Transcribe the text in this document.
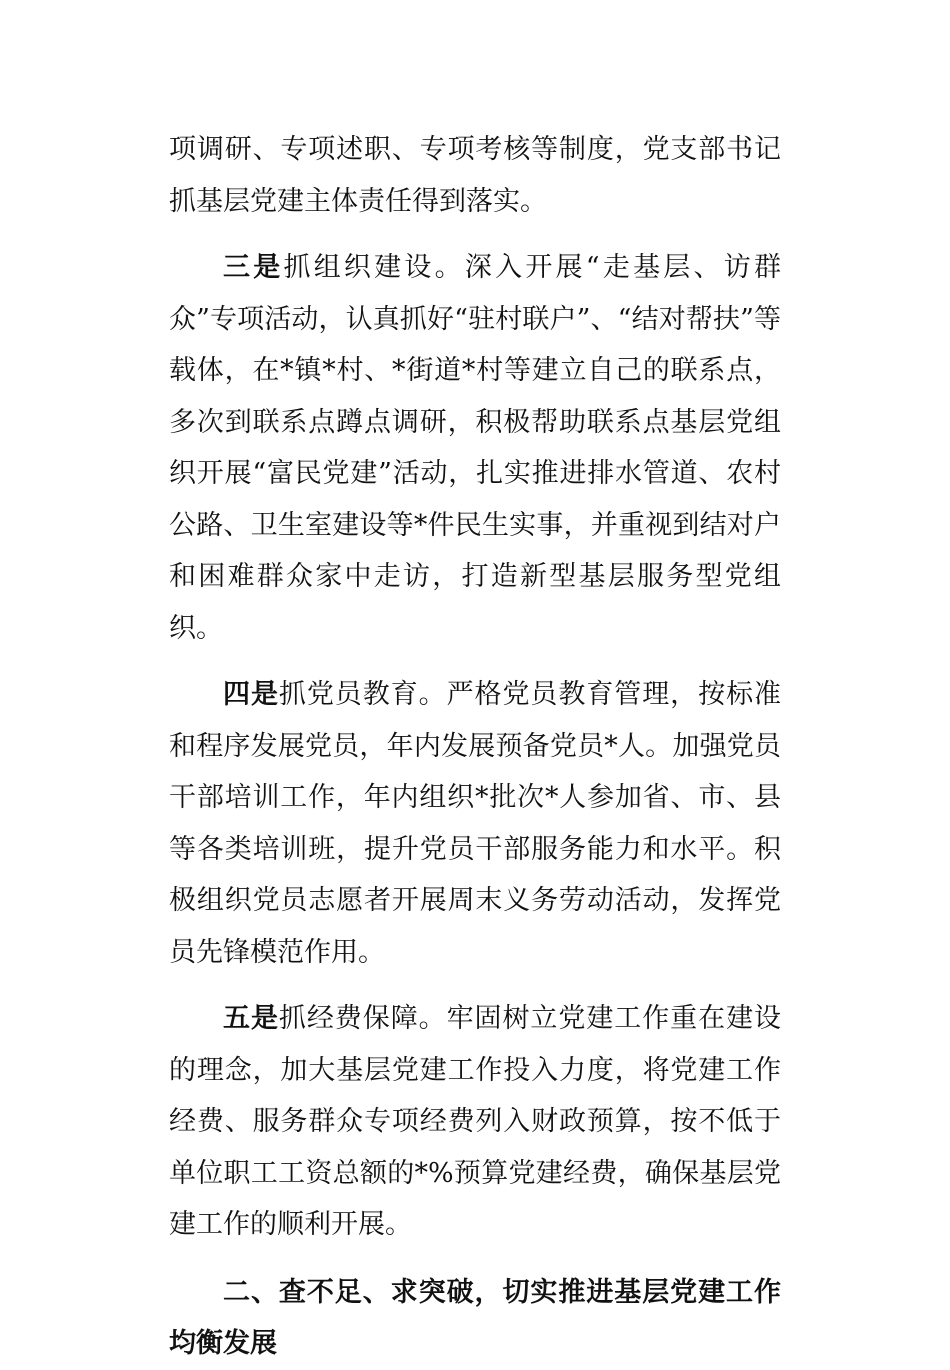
项调研、专项述职、专项考核等制度，党支部书记抓基层党建主体责任得到落实。

三是抓组织建设。深入开展“走基层、访群众”专项活动，认真抓好“驻村联户”、“结对帮扶”等载体，在*镇*村、*街道*村等建立自己的联系点，多次到联系点蹲点调研，积极帮助联系点基层党组织开展“富民党建”活动，扎实推进排水管道、农村公路、卫生室建设等*件民生实事，并重视到结对户和困难群众家中走访，打造新型基层服务型党组织。

四是抓党员教育。严格党员教育管理，按标准和程序发展党员，年内发展预备党员*人。加强党员干部培训工作，年内组织*批次*人参加省、市、县等各类培训班，提升党员干部服务能力和水平。积极组织党员志愿者开展周末义务劳动活动，发挥党员先锋模范作用。

五是抓经费保障。牢固树立党建工作重在建设的理念，加大基层党建工作投入力度，将党建工作经费、服务群众专项经费列入财政预算，按不低于单位职工工资总额的*%预算党建经费，确保基层党建工作的顺利开展。

二、查不足、求突破，切实推进基层党建工作均衡发展
